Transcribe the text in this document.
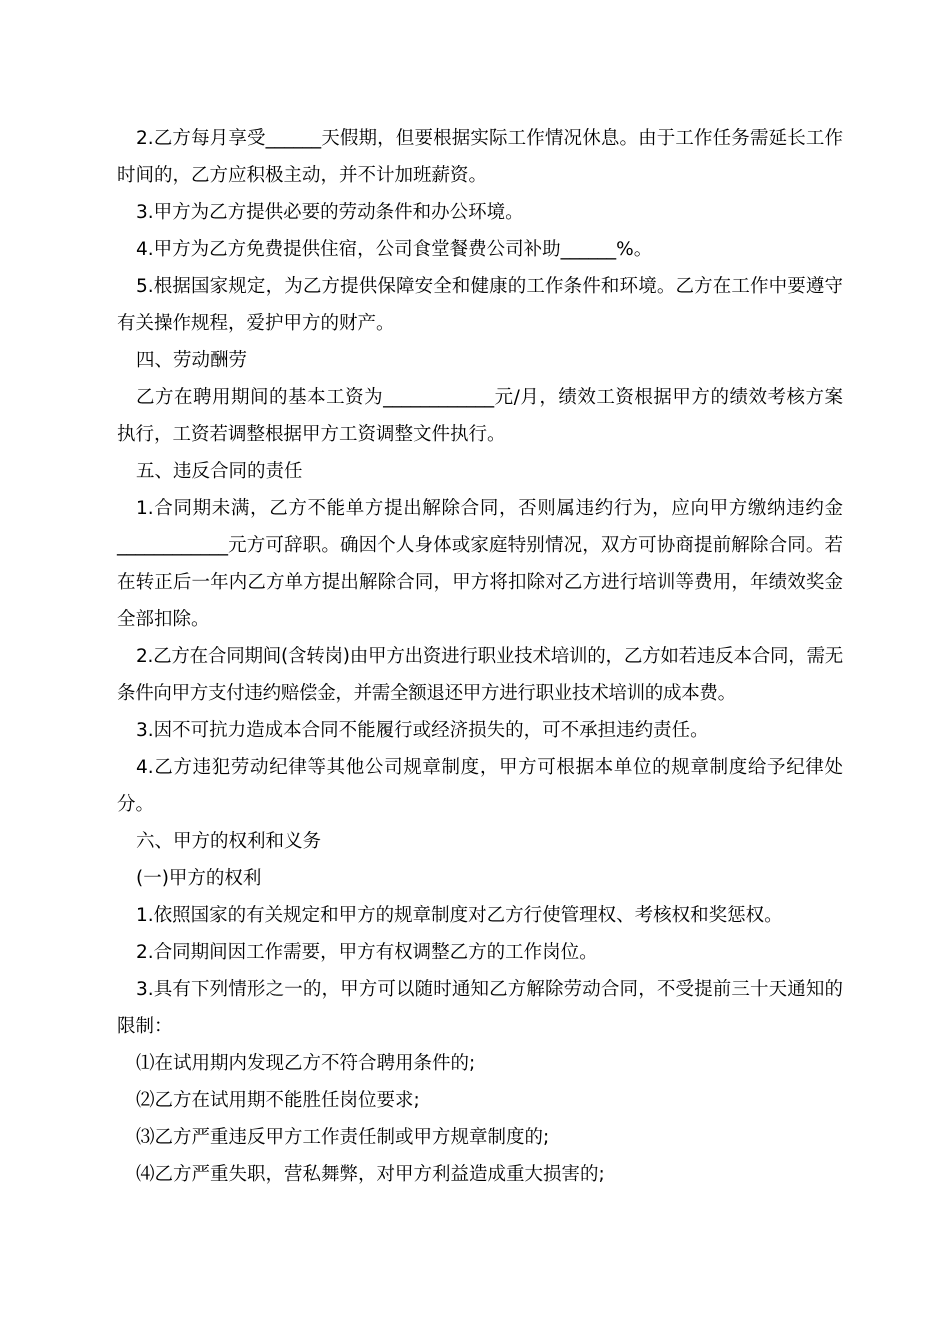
2.乙方每月享受______天假期，但要根据实际工作情况休息。由于工作任务需延长工作时间的，乙方应积极主动，并不计加班薪资。

3.甲方为乙方提供必要的劳动条件和办公环境。

4.甲方为乙方免费提供住宿，公司食堂餐费公司补助______%。

5.根据国家规定，为乙方提供保障安全和健康的工作条件和环境。乙方在工作中要遵守有关操作规程，爱护甲方的财产。

四、劳动酬劳

乙方在聘用期间的基本工资为____________元/月，绩效工资根据甲方的绩效考核方案执行，工资若调整根据甲方工资调整文件执行。

五、违反合同的责任

1.合同期未满，乙方不能单方提出解除合同，否则属违约行为，应向甲方缴纳违约金____________元方可辞职。确因个人身体或家庭特别情况，双方可协商提前解除合同。若在转正后一年内乙方单方提出解除合同，甲方将扣除对乙方进行培训等费用，年绩效奖金全部扣除。

2.乙方在合同期间(含转岗)由甲方出资进行职业技术培训的，乙方如若违反本合同，需无条件向甲方支付违约赔偿金，并需全额退还甲方进行职业技术培训的成本费。

3.因不可抗力造成本合同不能履行或经济损失的，可不承担违约责任。

4.乙方违犯劳动纪律等其他公司规章制度，甲方可根据本单位的规章制度给予纪律处分。

六、甲方的权利和义务

(一)甲方的权利

1.依照国家的有关规定和甲方的规章制度对乙方行使管理权、考核权和奖惩权。

2.合同期间因工作需要，甲方有权调整乙方的工作岗位。

3.具有下列情形之一的，甲方可以随时通知乙方解除劳动合同，不受提前三十天通知的限制：

⑴在试用期内发现乙方不符合聘用条件的;

⑵乙方在试用期不能胜任岗位要求;

⑶乙方严重违反甲方工作责任制或甲方规章制度的;

⑷乙方严重失职，营私舞弊，对甲方利益造成重大损害的;
